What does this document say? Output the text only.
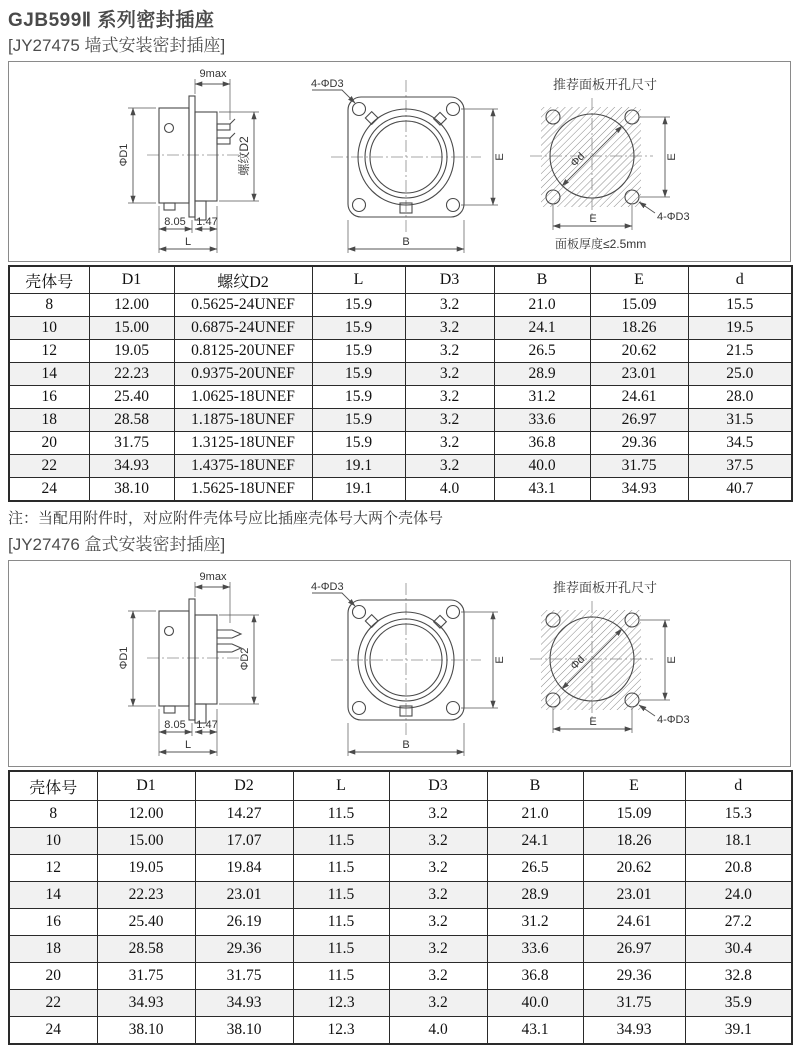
GJB599Ⅱ 系列密封插座
[JY27475 墙式安装密封插座]
9max
ΦD1	螺纹D2
8.05 1.47
L
4-ΦD3
E
B
推荐面板开孔尺寸
Φd	E
E	4-ΦD3
面板厚度≤2.5mm
壳体号	D1	螺纹D2	L	D3	B	E	d
8	12.00	0.5625-24UNEF	15.9	3.2	21.0	15.09	15.5
10	15.00	0.6875-24UNEF	15.9	3.2	24.1	18.26	19.5
12	19.05	0.8125-20UNEF	15.9	3.2	26.5	20.62	21.5
14	22.23	0.9375-20UNEF	15.9	3.2	28.9	23.01	25.0
16	25.40	1.0625-18UNEF	15.9	3.2	31.2	24.61	28.0
18	28.58	1.1875-18UNEF	15.9	3.2	33.6	26.97	31.5
20	31.75	1.3125-18UNEF	15.9	3.2	36.8	29.36	34.5
22	34.93	1.4375-18UNEF	19.1	3.2	40.0	31.75	37.5
24	38.10	1.5625-18UNEF	19.1	4.0	43.1	34.93	40.7
注：当配用附件时，对应附件壳体号应比插座壳体号大两个壳体号
[JY27476 盒式安装密封插座]
9max
ΦD1	ΦD2
8.05 1.47
L
4-ΦD3
E
B
推荐面板开孔尺寸
Φd	E
E	4-ΦD3
壳体号	D1	D2	L	D3	B	E	d
8	12.00	14.27	11.5	3.2	21.0	15.09	15.3
10	15.00	17.07	11.5	3.2	24.1	18.26	18.1
12	19.05	19.84	11.5	3.2	26.5	20.62	20.8
14	22.23	23.01	11.5	3.2	28.9	23.01	24.0
16	25.40	26.19	11.5	3.2	31.2	24.61	27.2
18	28.58	29.36	11.5	3.2	33.6	26.97	30.4
20	31.75	31.75	11.5	3.2	36.8	29.36	32.8
22	34.93	34.93	12.3	3.2	40.0	31.75	35.9
24	38.10	38.10	12.3	4.0	43.1	34.93	39.1
